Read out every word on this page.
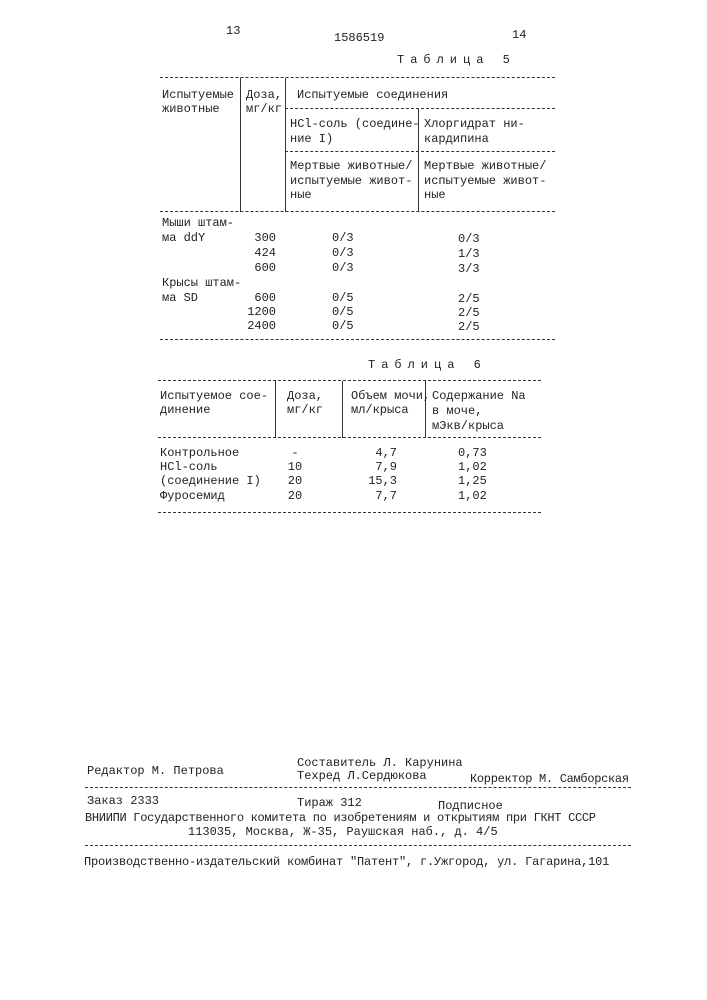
13	1586519	14
Таблица 5
Испытуемые
животные
Доза,
мг/кг
Испытуемые соединения
HCl-соль (соедине-
ние I)
Хлоргидрат ни-
кардипина
Мертвые животные/
испытуемые живот-
ные
Мертвые животные/
испытуемые живот-
ные
Мыши штам-
ма ddY	300	0/3	0/3
424	0/3	1/3
600	0/3	3/3
Крысы штам-
ма SD	600	0/5	2/5
1200	0/5	2/5
2400	0/5	2/5
Таблица 6
Испытуемое сое-
динение
Доза,
мг/кг
Объем мочи,
мл/крыса
Содержание Na
в моче,
мЭкв/крыса
Контрольное	-	4,7	0,73
HCl-соль	10	7,9	1,02
(соединение I)	20	15,3	1,25
Фуросемид	20	7,7	1,02
Составитель Л. Карунина
Редактор М. Петрова	Техред Л.Сердюкова	Корректор М. Самборская
Заказ 2333	Тираж 312	Подписное
ВНИИПИ Государственного комитета по изобретениям и открытиям при ГКНТ СССР
113035, Москва, Ж-35, Раушская наб., д. 4/5
Производственно-издательский комбинат "Патент", г.Ужгород, ул. Гагарина,101
